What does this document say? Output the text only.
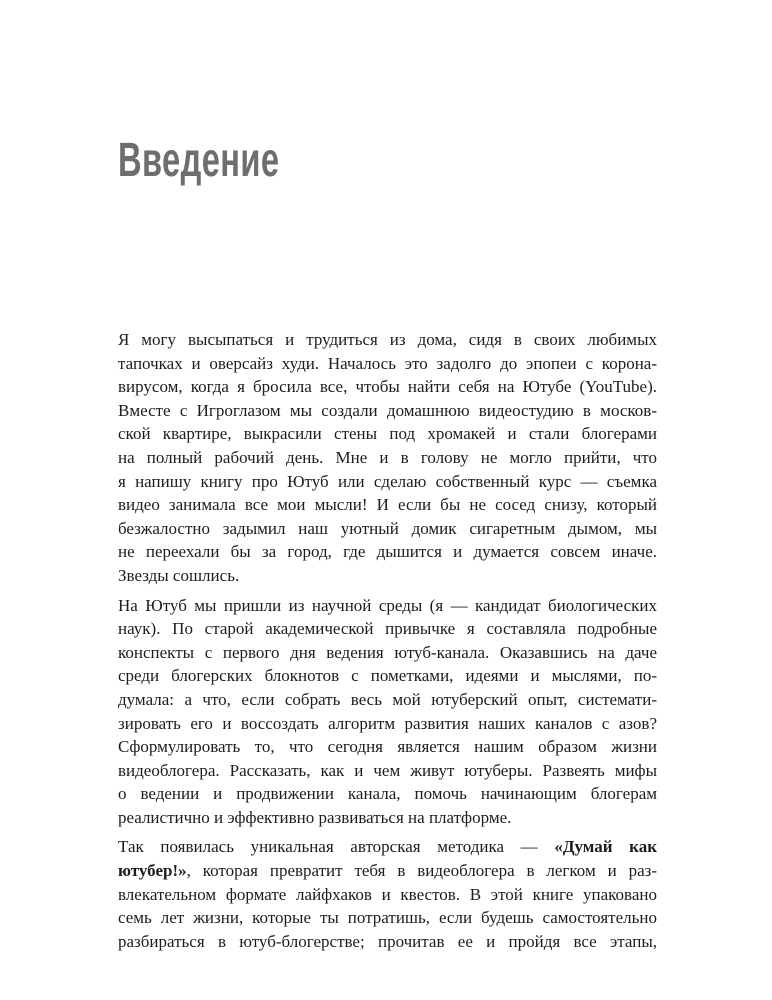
Введение
Я могу высыпаться и трудиться из дома, сидя в своих любимых
тапочках и оверсайз худи. Началось это задолго до эпопеи с корона-
вирусом, когда я бросила все, чтобы найти себя на Ютубе (YouTube).
Вместе с Игроглазом мы создали домашнюю видеостудию в москов-
ской квартире, выкрасили стены под хромакей и стали блогерами
на полный рабочий день. Мне и в голову не могло прийти, что
я напишу книгу про Ютуб или сделаю собственный курс — съемка
видео занимала все мои мысли! И если бы не сосед снизу, который
безжалостно задымил наш уютный домик сигаретным дымом, мы
не переехали бы за город, где дышится и думается совсем иначе.
Звезды сошлись.
На Ютуб мы пришли из научной среды (я — кандидат биологических
наук). По старой академической привычке я составляла подробные
конспекты с первого дня ведения ютуб-канала. Оказавшись на даче
среди блогерских блокнотов с пометками, идеями и мыслями, по-
думала: а что, если собрать весь мой ютуберский опыт, системати-
зировать его и воссоздать алгоритм развития наших каналов с азов?
Сформулировать то, что сегодня является нашим образом жизни
видеоблогера. Рассказать, как и чем живут ютуберы. Развеять мифы
о ведении и продвижении канала, помочь начинающим блогерам
реалистично и эффективно развиваться на платформе.
Так появилась уникальная авторская методика — «Думай как
ютубер!», которая превратит тебя в видеоблогера в легком и раз-
влекательном формате лайфхаков и квестов. В этой книге упаковано
семь лет жизни, которые ты потратишь, если будешь самостоятельно
разбираться в ютуб-блогерстве; прочитав ее и пройдя все этапы,
